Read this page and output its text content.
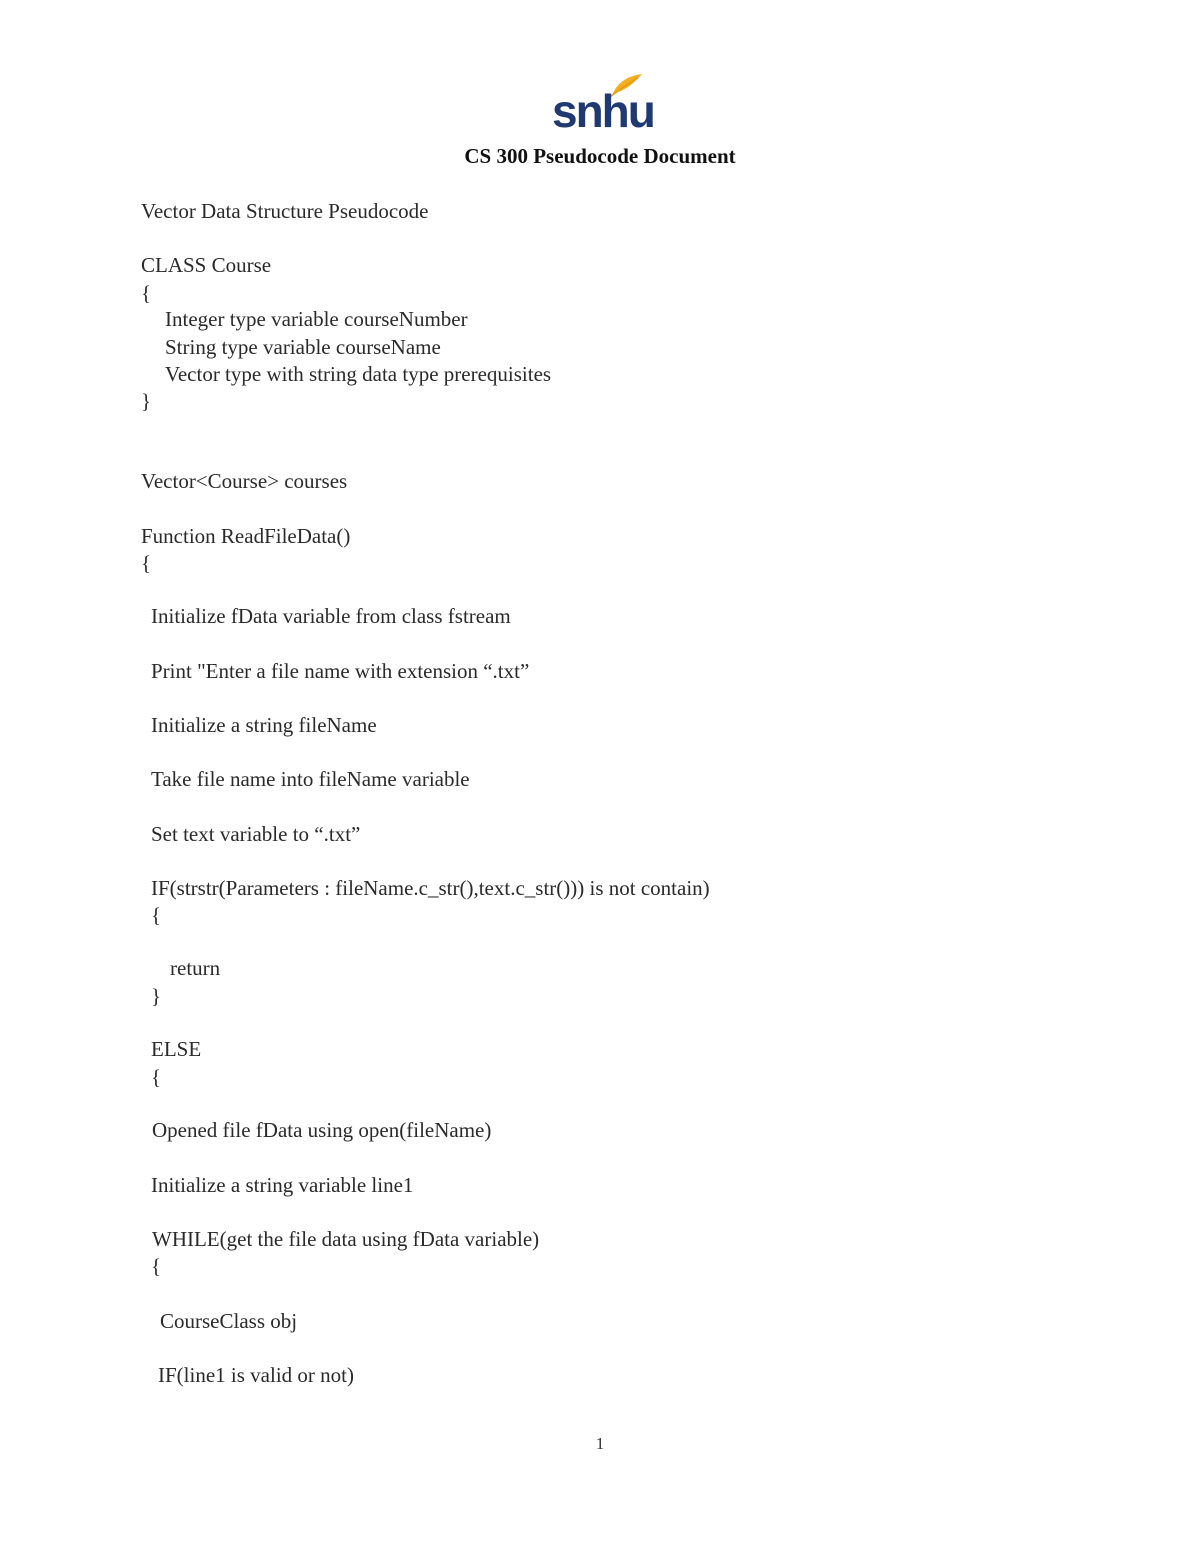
snhu
CS 300 Pseudocode Document
Vector Data Structure Pseudocode
CLASS Course
{
Integer type variable courseNumber
String type variable courseName
Vector type with string data type prerequisites
}
Vector<Course> courses
Function ReadFileData()
{
Initialize fData variable from class fstream
Print "Enter a file name with extension “.txt”
Initialize a string fileName
Take file name into fileName variable
Set text variable to “.txt”
IF(strstr(Parameters : fileName.c_str(),text.c_str())) is not contain)
{
return
}
ELSE
{
Opened file fData using open(fileName)
Initialize a string variable line1
WHILE(get the file data using fData variable)
{
CourseClass obj
IF(line1 is valid or not)
1
